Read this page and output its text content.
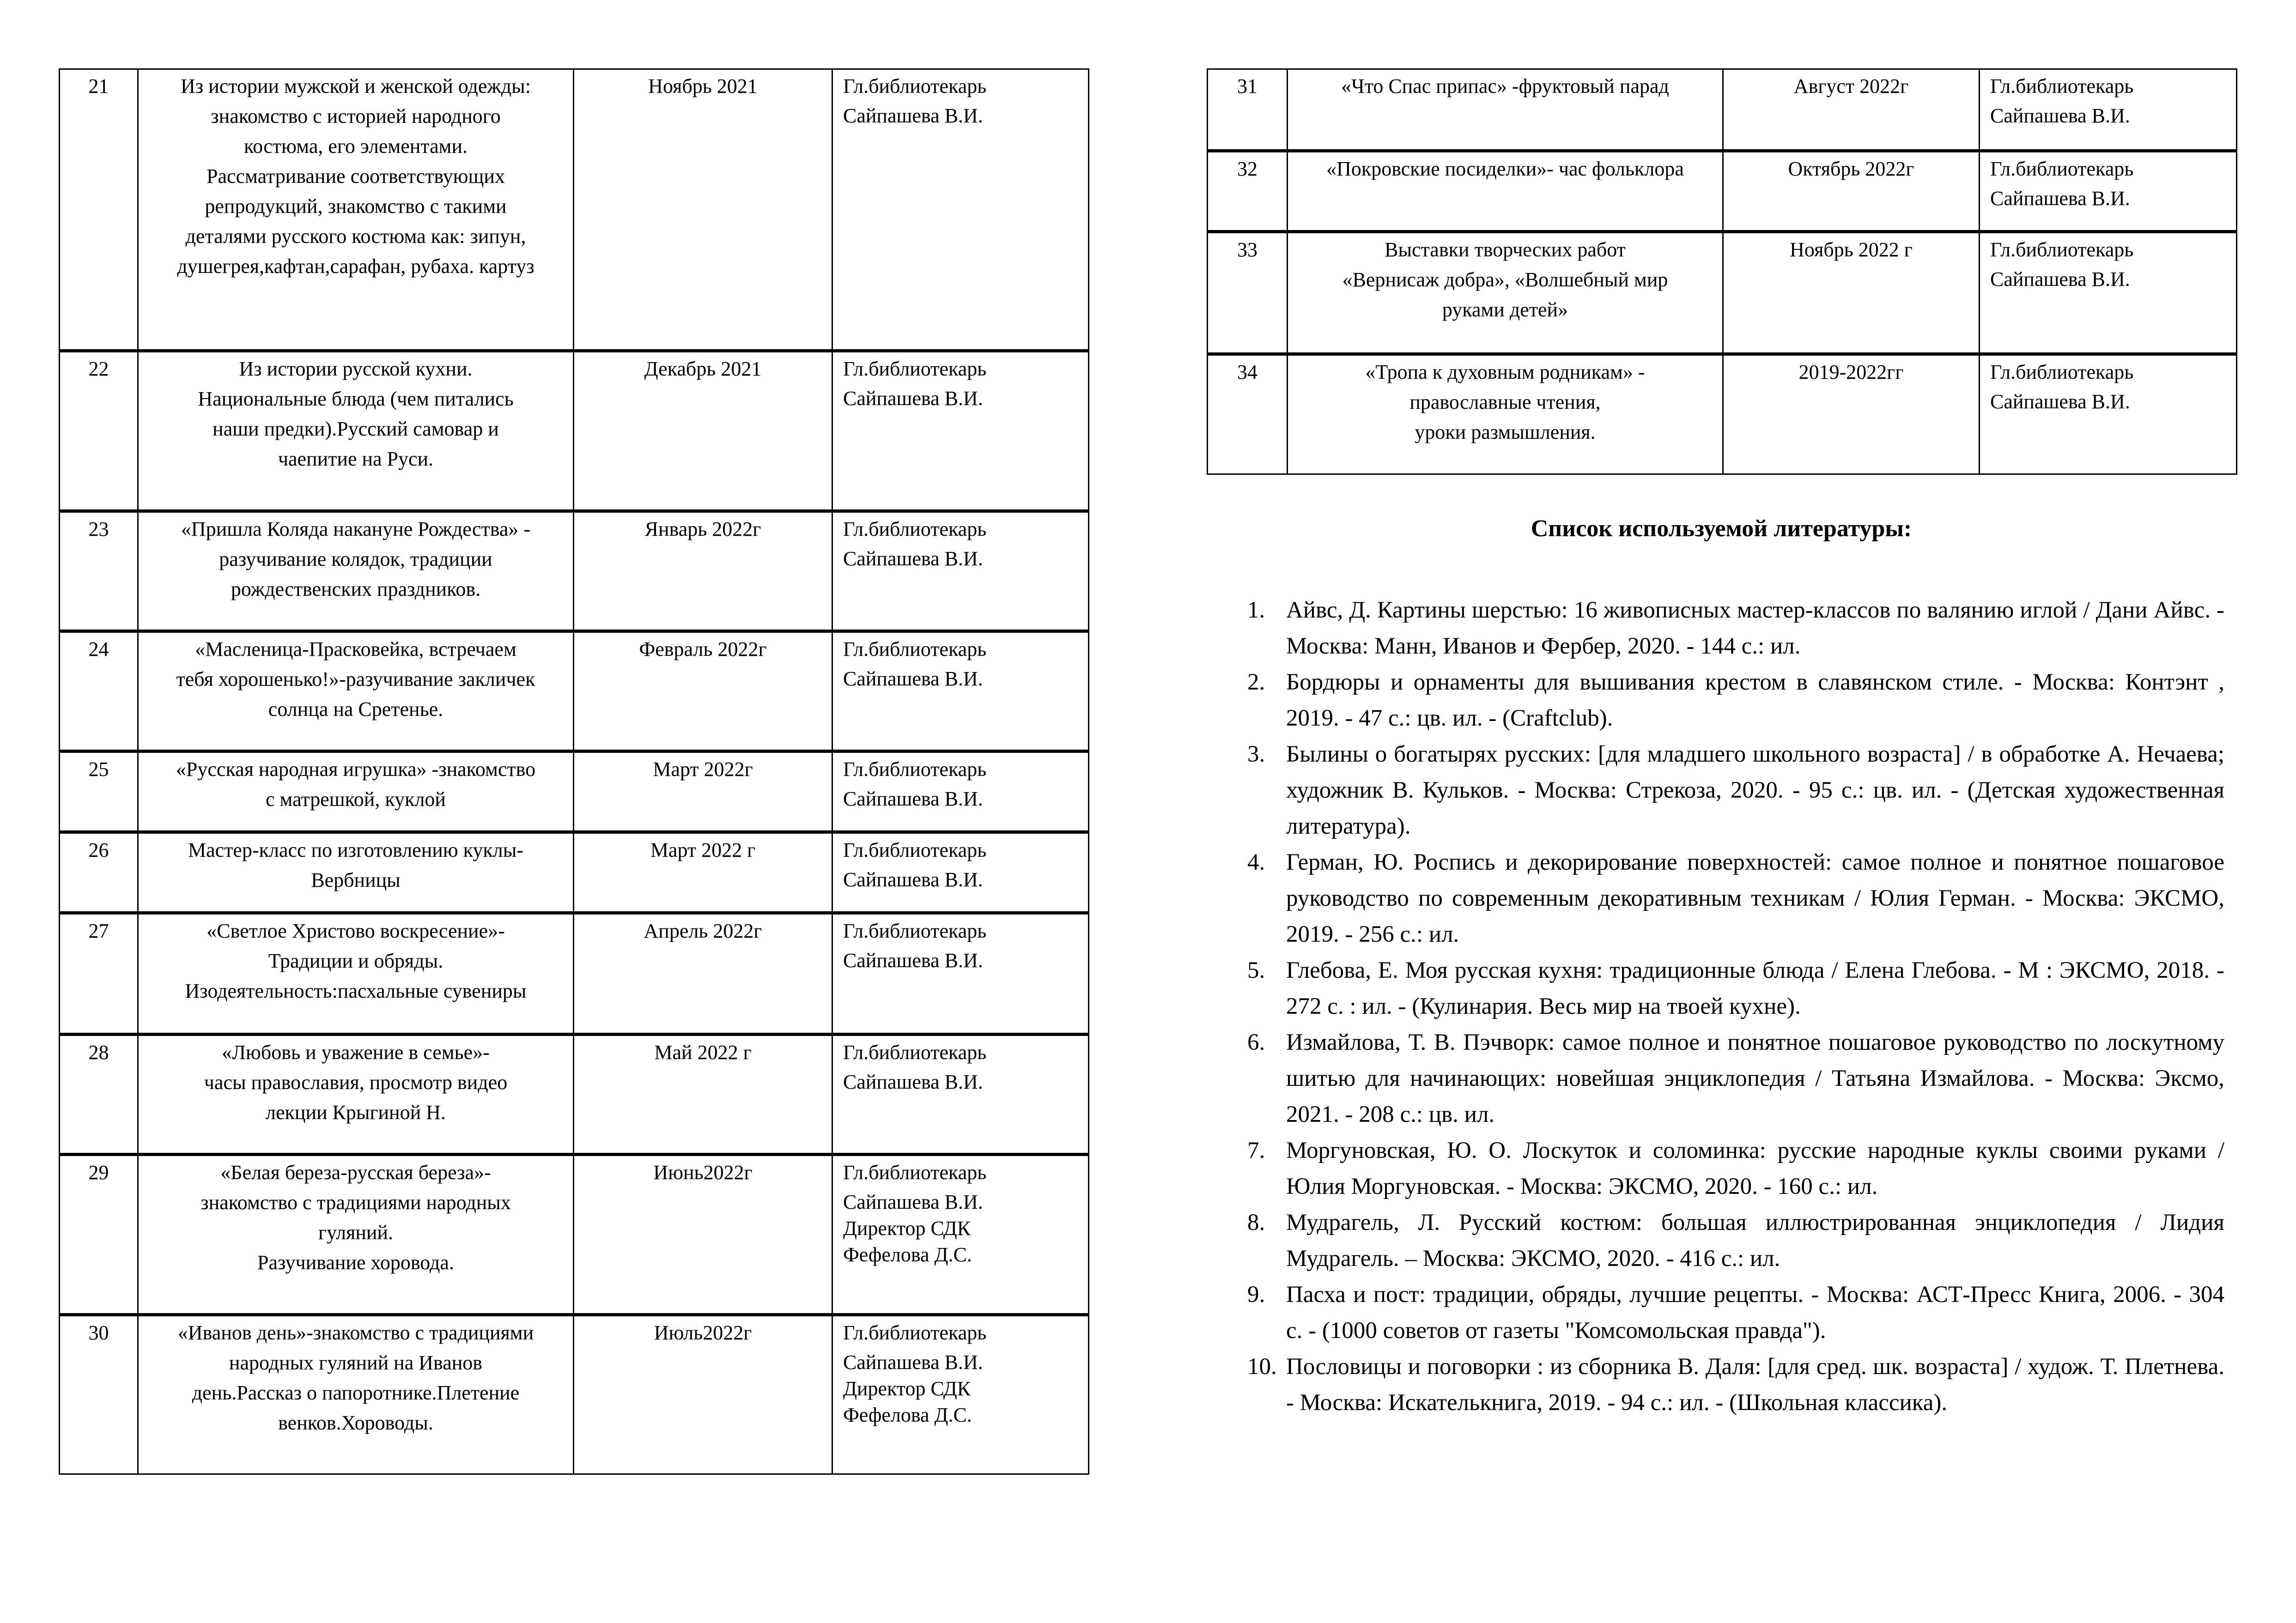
21	Из истории мужской и женской одежды:
знакомство с историей народного
костюма, его элементами.
Рассматривание соответствующих
репродукций, знакомство с такими
деталями русского костюма как: зипун,
душегрея,кафтан,сарафан, рубаха. картуз
	Ноябрь 2021	Гл.библиотекарь
Сайпашева В.И.

22	Из истории русской кухни.
Национальные блюда (чем питались
наши предки).Русский самовар и
чаепитие на Руси.	Декабрь 2021	Гл.библиотекарь
Сайпашева В.И.

23	«Пришла Коляда накануне Рождества» -
разучивание колядок, традиции
рождественских праздников.	Январь 2022г	Гл.библиотекарь
Сайпашева В.И.

24	«Масленица-Прасковейка, встречаем
тебя хорошенько!»-разучивание закличек
солнца на Сретенье.	Февраль 2022г	Гл.библиотекарь
Сайпашева В.И.

25	«Русская народная игрушка» -знакомство
с матрешкой, куклой	Март 2022г	Гл.библиотекарь
Сайпашева В.И.

26	Мастер-класс по изготовлению куклы-
Вербницы	Март 2022 г	Гл.библиотекарь
Сайпашева В.И.

27	«Светлое Христово воскресение»-
Традиции и обряды.
Изодеятельность:пасхальные сувениры	Апрель 2022г	Гл.библиотекарь
Сайпашева В.И.

28	«Любовь и уважение в семье»-
часы православия, просмотр видео
лекции Крыгиной Н.	Май 2022 г	Гл.библиотекарь
Сайпашева В.И.

29	«Белая береза-русская береза»-
знакомство с традициями народных
гуляний.
Разучивание хоровода.	Июнь2022г	Гл.библиотекарь
Сайпашева В.И.
Директор СДК
Фефелова Д.С.

30	«Иванов день»-знакомство с традициями
народных гуляний на Иванов
день.Рассказ о папоротнике.Плетение
венков.Хороводы.	Июль2022г	Гл.библиотекарь
Сайпашева В.И.
Директор СДК
Фефелова Д.С.
31	«Что Спас припас» -фруктовый парад	Август 2022г	Гл.библиотекарь
Сайпашева В.И.

32	«Покровские посиделки»- час фольклора	Октябрь 2022г	Гл.библиотекарь
Сайпашева В.И.

33	Выставки творческих работ
«Вернисаж добра», «Волшебный мир
руками детей»	Ноябрь 2022 г	Гл.библиотекарь
Сайпашева В.И.

34	«Тропа к духовным родникам» -
православные чтения,
уроки размышления.	2019-2022гг	Гл.библиотекарь
Сайпашева В.И.
Список используемой литературы:
1. Айвс, Д. Картины шерстью: 16 живописных мастер-классов по валянию иглой / Дани Айвс. - Москва: Манн, Иванов и Фербер, 2020. - 144 с.: ил.
2. Бордюры и орнаменты для вышивания крестом в славянском стиле. - Москва: Контэнт , 2019. - 47 с.: цв. ил. - (Craftclub).
3. Былины о богатырях русских: [для младшего школьного возраста] / в обработке А. Нечаева; художник В. Кульков. - Москва: Стрекоза, 2020. - 95 с.: цв. ил. - (Детская художественная литература).
4. Герман, Ю. Роспись и декорирование поверхностей: самое полное и понятное пошаговое руководство по современным декоративным техникам / Юлия Герман. - Москва: ЭКСМО, 2019. - 256 с.: ил.
5. Глебова, Е. Моя русская кухня: традиционные блюда / Елена Глебова. - М : ЭКСМО, 2018. - 272 с. : ил. - (Кулинария. Весь мир на твоей кухне).
6. Измайлова, Т. В. Пэчворк: самое полное и понятное пошаговое руководство по лоскутному шитью для начинающих: новейшая энциклопедия / Татьяна Измайлова. - Москва: Эксмо, 2021. - 208 с.: цв. ил.
7. Моргуновская, Ю. О. Лоскуток и соломинка: русские народные куклы своими руками / Юлия Моргуновская. - Москва: ЭКСМО, 2020. - 160 с.: ил.
8. Мудрагель, Л. Русский костюм: большая иллюстрированная энциклопедия / Лидия Мудрагель. – Москва: ЭКСМО, 2020. - 416 с.: ил.
9. Пасха и пост: традиции, обряды, лучшие рецепты. - Москва: АСТ-Пресс Книга, 2006. - 304 с. - (1000 советов от газеты "Комсомольская правда").
10. Пословицы и поговорки : из сборника В. Даля: [для сред. шк. возраста] / худож. Т. Плетнева. - Москва: Искателькнига, 2019. - 94 с.: ил. - (Школьная классика).
